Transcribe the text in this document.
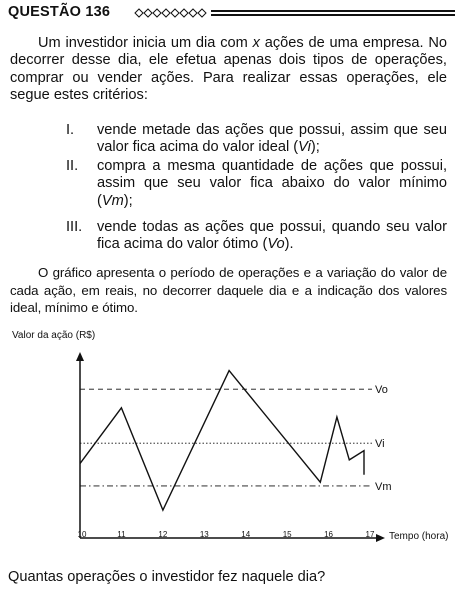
QUESTÃO 136
Um investidor inicia um dia com x ações de uma empresa. No decorrer desse dia, ele efetua apenas dois tipos de operações, comprar ou vender ações. Para realizar essas operações, ele segue estes critérios:
I. vende metade das ações que possui, assim que seu valor fica acima do valor ideal (Vi);
II. compra a mesma quantidade de ações que possui, assim que seu valor fica abaixo do valor mínimo (Vm);
III. vende todas as ações que possui, quando seu valor fica acima do valor ótimo (Vo).
O gráfico apresenta o período de operações e a variação do valor de cada ação, em reais, no decorrer daquele dia e a indicação dos valores ideal, mínimo e ótimo.
Valor da ação (R$)
Tempo (hora)
10	11	12	13	14	15	16	17
Vo
Vi
Vm
Quantas operações o investidor fez naquele dia?
